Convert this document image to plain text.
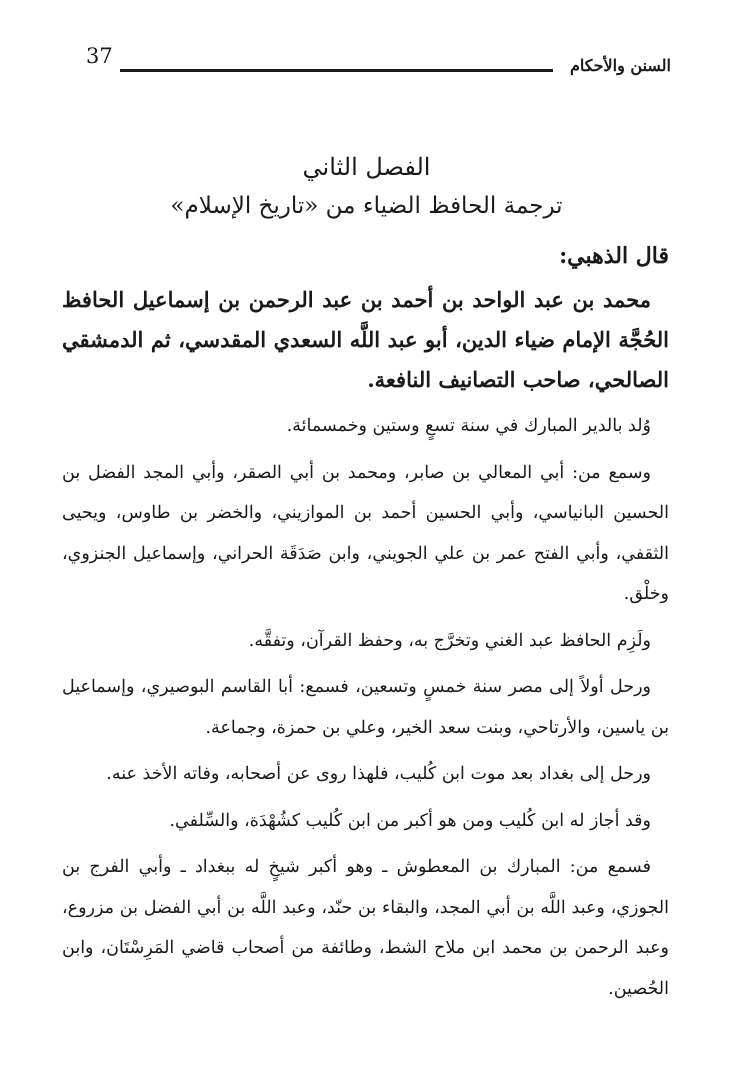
37	السنن والأحكام
الفصل الثاني
ترجمة الحافظ الضياء من «تاريخ الإسلام»

قال الذهبي:

محمد بن عبد الواحد بن أحمد بن عبد الرحمن بن إسماعيل الحافظ الحُجَّة الإمام ضياء الدين، أبو عبد اللَّه السعدي المقدسي، ثم الدمشقي الصالحي، صاحب التصانيف النافعة.

وُلد بالدير المبارك في سنة تسعٍ وستين وخمسمائة.

وسمع من: أبي المعالي بن صابر، ومحمد بن أبي الصقر، وأبي المجد الفضل بن الحسين البانياسي، وأبي الحسين أحمد بن الموازيني، والخضر بن طاوس، ويحيى الثقفي، وأبي الفتح عمر بن علي الجويني، وابن صَدَقَة الحراني، وإسماعيل الجنزوي، وخلْق.

ولَزِم الحافظ عبد الغني وتخرَّج به، وحفظ القرآن، وتفقَّه.

ورحل أولاً إلى مصر سنة خمسٍ وتسعين، فسمع: أبا القاسم البوصيري، وإسماعيل بن ياسين، والأرتاحي، وبنت سعد الخير، وعلي بن حمزة، وجماعة.

ورحل إلى بغداد بعد موت ابن كُليب، فلهذا روى عن أصحابه، وفاته الأخذ عنه.

وقد أجاز له ابن كُليب ومن هو أكبر من ابن كُليب كشُهْدَة، والسِّلفي.

فسمع من: المبارك بن المعطوش ـ وهو أكبر شيخٍ له ببغداد ـ وأبي الفرج بن الجوزي، وعبد اللَّه بن أبي المجد، والبقاء بن حنّد، وعبد اللَّه بن أبي الفضل بن مزروع، وعبد الرحمن بن محمد ابن ملاح الشط، وطائفة من أصحاب قاضي المَرِسْتَان، وابن الحُصين.
